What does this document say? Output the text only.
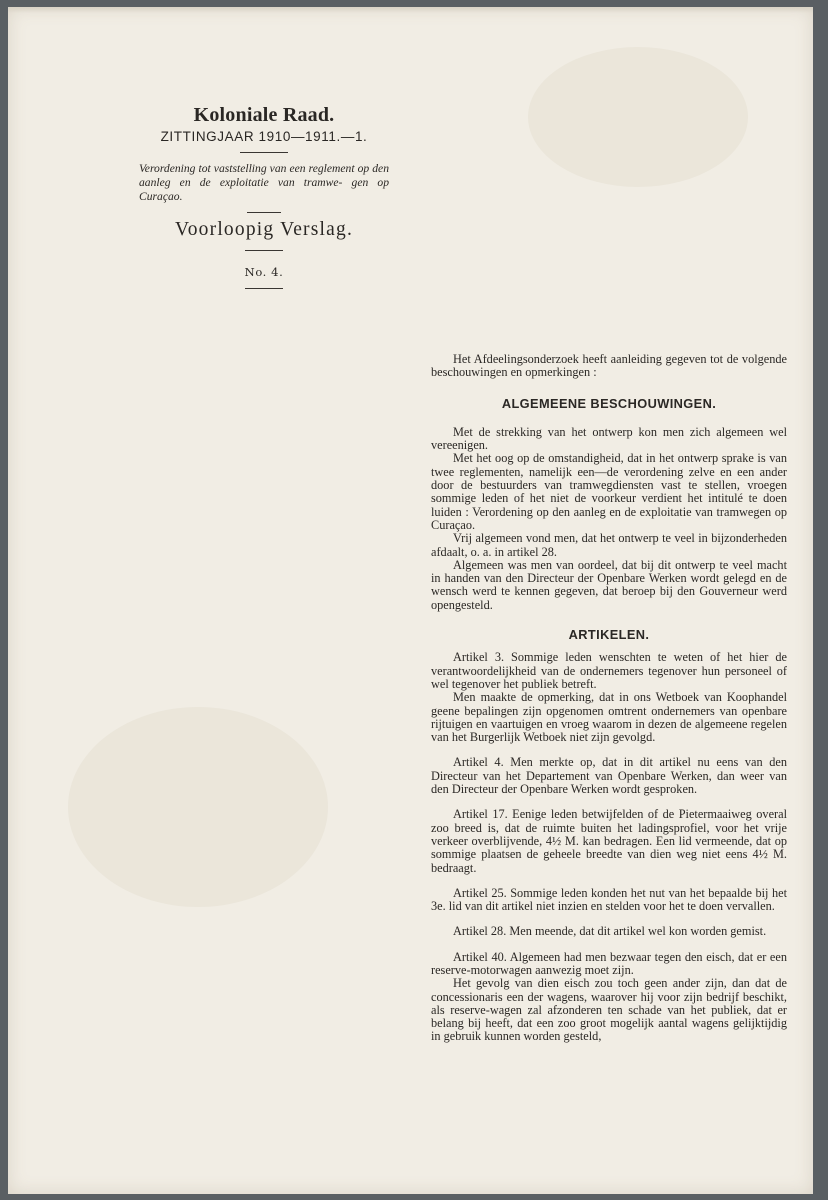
Koloniale Raad.
ZITTINGJAAR 1910—1911.—1.

Verordening tot vaststelling van een reglement op den aanleg en de exploitatie van tramwe- gen op Curaçao.

Voorloopig Verslag.
No. 4.

Het Afdeelingsonderzoek heeft aanleiding gegeven tot de volgende beschouwingen en opmerkingen :

ALGEMEENE BESCHOUWINGEN.

Met de strekking van het ontwerp kon men zich algemeen wel vereenigen.

Met het oog op de omstandigheid, dat in het ontwerp sprake is van twee reglementen, namelijk een—de verordening zelve en een ander door de bestuurders van tramwegdiensten vast te stellen, vroegen sommige leden of het niet de voorkeur verdient het intitulé te doen luiden : Verordening op den aanleg en de exploitatie van tramwegen op Curaçao.

Vrij algemeen vond men, dat het ontwerp te veel in bijzonderheden afdaalt, o. a. in artikel 28.

Algemeen was men van oordeel, dat bij dit ontwerp te veel macht in handen van den Directeur der Openbare Werken wordt gelegd en de wensch werd te kennen gegeven, dat beroep bij den Gouverneur werd opengesteld.

ARTIKELEN.

Artikel 3. Sommige leden wenschten te weten of het hier de verantwoordelijkheid van de ondernemers tegenover hun personeel of wel tegenover het publiek betreft.

Men maakte de opmerking, dat in ons Wetboek van Koophandel geene bepalingen zijn opgenomen omtrent ondernemers van openbare rijtuigen en vaartuigen en vroeg waarom in dezen de algemeene regelen van het Burgerlijk Wetboek niet zijn gevolgd.

Artikel 4. Men merkte op, dat in dit artikel nu eens van den Directeur van het Departement van Openbare Werken, dan weer van den Directeur der Openbare Werken wordt gesproken.

Artikel 17. Eenige leden betwijfelden of de Pietermaaiweg overal zoo breed is, dat de ruimte buiten het ladingsprofiel, voor het vrije verkeer overblijvende, 4½ M. kan bedragen. Een lid vermeende, dat op sommige plaatsen de geheele breedte van dien weg niet eens 4½ M. bedraagt.

Artikel 25. Sommige leden konden het nut van het bepaalde bij het 3e. lid van dit artikel niet inzien en stelden voor het te doen vervallen.

Artikel 28. Men meende, dat dit artikel wel kon worden gemist.

Artikel 40. Algemeen had men bezwaar tegen den eisch, dat er een reserve-motorwagen aanwezig moet zijn.

Het gevolg van dien eisch zou toch geen ander zijn, dan dat de concessionaris een der wagens, waarover hij voor zijn bedrijf beschikt, als reserve-wagen zal afzonderen ten schade van het publiek, dat er belang bij heeft, dat een zoo groot mogelijk aantal wagens gelijktijdig in gebruik kunnen worden gesteld,
